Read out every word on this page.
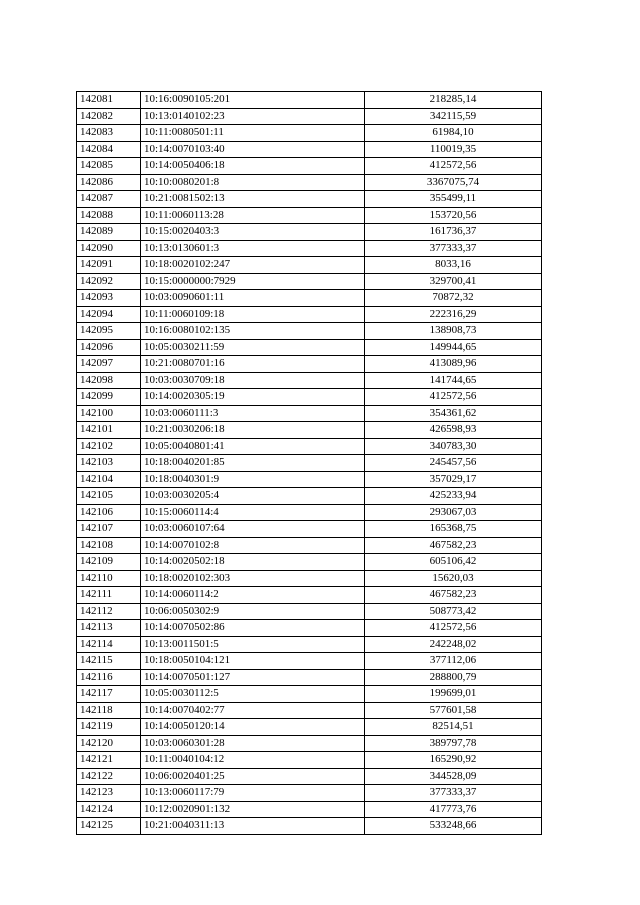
142081	10:16:0090105:201	218285,14
142082	10:13:0140102:23	342115,59
142083	10:11:0080501:11	61984,10
142084	10:14:0070103:40	110019,35
142085	10:14:0050406:18	412572,56
142086	10:10:0080201:8	3367075,74
142087	10:21:0081502:13	355499,11
142088	10:11:0060113:28	153720,56
142089	10:15:0020403:3	161736,37
142090	10:13:0130601:3	377333,37
142091	10:18:0020102:247	8033,16
142092	10:15:0000000:7929	329700,41
142093	10:03:0090601:11	70872,32
142094	10:11:0060109:18	222316,29
142095	10:16:0080102:135	138908,73
142096	10:05:0030211:59	149944,65
142097	10:21:0080701:16	413089,96
142098	10:03:0030709:18	141744,65
142099	10:14:0020305:19	412572,56
142100	10:03:0060111:3	354361,62
142101	10:21:0030206:18	426598,93
142102	10:05:0040801:41	340783,30
142103	10:18:0040201:85	245457,56
142104	10:18:0040301:9	357029,17
142105	10:03:0030205:4	425233,94
142106	10:15:0060114:4	293067,03
142107	10:03:0060107:64	165368,75
142108	10:14:0070102:8	467582,23
142109	10:14:0020502:18	605106,42
142110	10:18:0020102:303	15620,03
142111	10:14:0060114:2	467582,23
142112	10:06:0050302:9	508773,42
142113	10:14:0070502:86	412572,56
142114	10:13:0011501:5	242248,02
142115	10:18:0050104:121	377112,06
142116	10:14:0070501:127	288800,79
142117	10:05:0030112:5	199699,01
142118	10:14:0070402:77	577601,58
142119	10:14:0050120:14	82514,51
142120	10:03:0060301:28	389797,78
142121	10:11:0040104:12	165290,92
142122	10:06:0020401:25	344528,09
142123	10:13:0060117:79	377333,37
142124	10:12:0020901:132	417773,76
142125	10:21:0040311:13	533248,66
